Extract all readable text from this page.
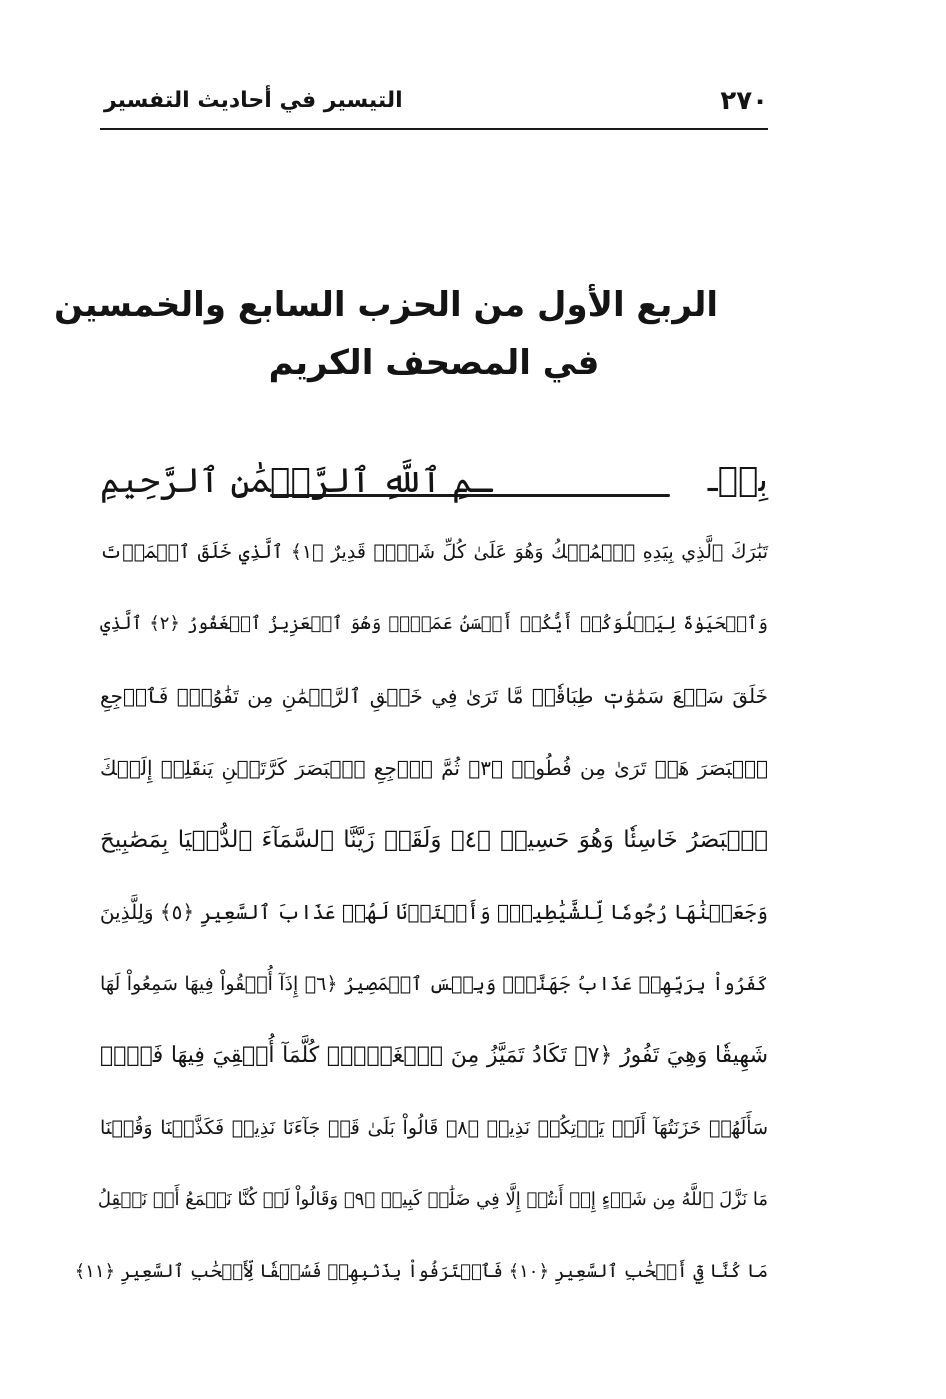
٢٧٠
التيسير في أحاديث التفسير
الربع الأول من الحزب السابع والخمسين
في المصحف الكريم
بِسۡـ
ـمِ ٱللَّهِ ٱلرَّحۡمَٰنِ ٱلرَّحِيمِ
تَبَٰرَكَ ٱلَّذِي بِيَدِهِ ٱلۡمُلۡكُ وَهُوَ عَلَىٰ كُلِّ شَيۡءٖ قَدِيرٌ ﴿١﴾ ٱلَّذِي خَلَقَ ٱلۡمَوۡتَ
وَٱلۡحَيَوٰةَ لِيَبۡلُوَكُمۡ أَيُّكُمۡ أَحۡسَنُ عَمَلٗاۚ وَهُوَ ٱلۡعَزِيزُ ٱلۡغَفُورُ ﴿٢﴾ ٱلَّذِي
خَلَقَ سَبۡعَ سَمَٰوَٰتٖ طِبَاقٗاۖ مَّا تَرَىٰ فِي خَلۡقِ ٱلرَّحۡمَٰنِ مِن تَفَٰوُتٖۖ فَٱرۡجِعِ
ٱلۡبَصَرَ هَلۡ تَرَىٰ مِن فُطُورٖ ﴿٣﴾ ثُمَّ ٱرۡجِعِ ٱلۡبَصَرَ كَرَّتَيۡنِ يَنقَلِبۡ إِلَيۡكَ
ٱلۡبَصَرُ خَاسِئٗا وَهُوَ حَسِيرٞ ﴿٤﴾ وَلَقَدۡ زَيَّنَّا ٱلسَّمَآءَ ٱلدُّنۡيَا بِمَصَٰبِيحَ
وَجَعَلۡنَٰهَا رُجُومٗا لِّلشَّيَٰطِينِۖ وَأَعۡتَدۡنَا لَهُمۡ عَذَابَ ٱلسَّعِيرِ ﴿٥﴾ وَلِلَّذِينَ
كَفَرُواْ بِرَبِّهِمۡ عَذَابُ جَهَنَّمَۖ وَبِئۡسَ ٱلۡمَصِيرُ ﴿٦﴾ إِذَآ أُلۡقُواْ فِيهَا سَمِعُواْ لَهَا
شَهِيقٗا وَهِيَ تَفُورُ ﴿٧﴾ تَكَادُ تَمَيَّزُ مِنَ ٱلۡغَيۡظِۖ كُلَّمَآ أُلۡقِيَ فِيهَا فَوۡجٞ
سَأَلَهُمۡ خَزَنَتُهَآ أَلَمۡ يَأۡتِكُمۡ نَذِيرٞ ﴿٨﴾ قَالُواْ بَلَىٰ قَدۡ جَآءَنَا نَذِيرٞ فَكَذَّبۡنَا وَقُلۡنَا
مَا نَزَّلَ ٱللَّهُ مِن شَيۡءٍ إِنۡ أَنتُمۡ إِلَّا فِي ضَلَٰلٖ كَبِيرٖ ﴿٩﴾ وَقَالُواْ لَوۡ كُنَّا نَسۡمَعُ أَوۡ نَعۡقِلُ
مَا كُنَّا فِيٓ أَصۡحَٰبِ ٱلسَّعِيرِ ﴿١٠﴾ فَٱعۡتَرَفُواْ بِذَنۢبِهِمۡ فَسُحۡقٗا لِّأَصۡحَٰبِ ٱلسَّعِيرِ ﴿١١﴾
